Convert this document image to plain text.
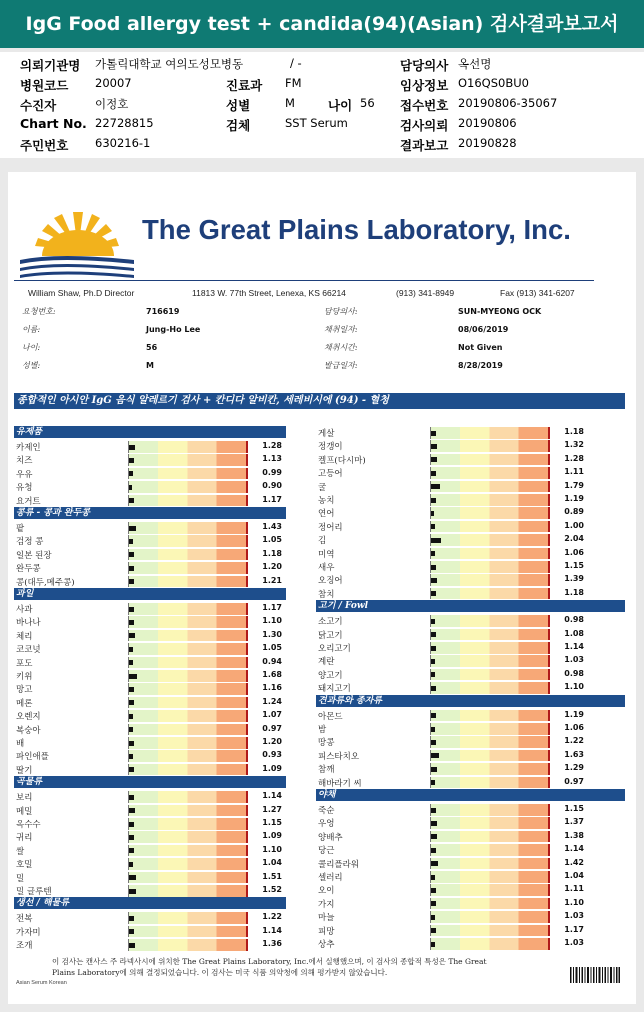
IgG Food allergy test + candida(94)(Asian) 검사결과보고서
의뢰기관명 가톨릭대학교 여의도성모병동	/ -	담당의사 옥선명
병원코드 20007	진료과 FM	임상정보 O16QS0BU0
수진자	이정호	성별	M	나이 56 접수번호 20190806-35067
Chart No. 22728815	검체	SST Serum	검사의뢰 20190806
주민번호 630216-1	결과보고 20190828
The Great Plains Laboratory, Inc.
William Shaw, Ph.D Director	11813 W. 77th Street, Lenexa, KS 66214	(913) 341-8949	Fax (913) 341-6207
요청번호:	716619
이름:	Jung-Ho Lee
나이:	56
성별:	M
담당의사:	SUN-MYEONG OCK
채취일자:	08/06/2019
채취시간:	Not Given
발급일자:	8/28/2019
종합적인 아시안 IgG 음식 알레르기 검사 + 칸디다 알비칸, 세레비시에 (94) - 혈청
유제품
카제인	1.28
치즈	1.13
우유	0.99
유청	0.90
요거트	1.17
콩류 - 콩과 완두콩
팥	1.43
검정 콩	1.05
일본 된장	1.18
완두콩	1.20
콩(대두,메주콩)	1.21
과일
사과	1.17
바나나	1.10
체리	1.30
코코넛	1.05
포도	0.94
키위	1.68
망고	1.16
메론	1.24
오렌지	1.07
복숭아	0.97
배	1.20
파인애플	0.93
딸기	1.09
곡물류
보리	1.14
메밀	1.27
옥수수	1.15
귀리	1.09
쌀	1.10
호밀	1.04
밀	1.51
밀 글루텐	1.52
생선 / 해물류
전복	1.22
가자미	1.14
조개	1.36
게살	1.18
정갱이	1.32
켈프(다시마)	1.28
고등어	1.11
굴	1.79
농치	1.19
연어	0.89
정어리	1.00
김	2.04
미역	1.06
새우	1.15
오징어	1.39
참치	1.18
고기 / Fowl
소고기	0.98
닭고기	1.08
오리고기	1.14
계란	1.03
양고기	0.98
돼지고기	1.10
견과류와 종자류
아몬드	1.19
밤	1.06
땅콩	1.22
피스타치오	1.63
참깨	1.29
해바라기 씨	0.97
야채
죽순	1.15
우엉	1.37
양배추	1.38
당근	1.14
콜리플라워	1.42
셀러리	1.04
오이	1.11
가지	1.10
마늘	1.03
피망	1.17
상추	1.03
이 검사는 캔사스 주 라넥사시에 위치한 The Great Plains Laboratory, Inc.에서 실행했으며, 이 검사의 종합적 특성은 The Great
Plains Laboratory에 의해 결정되었습니다. 이 검사는 미국 식품 의약청에 의해 평가받지 않았습니다.
Asian Serum Korean
